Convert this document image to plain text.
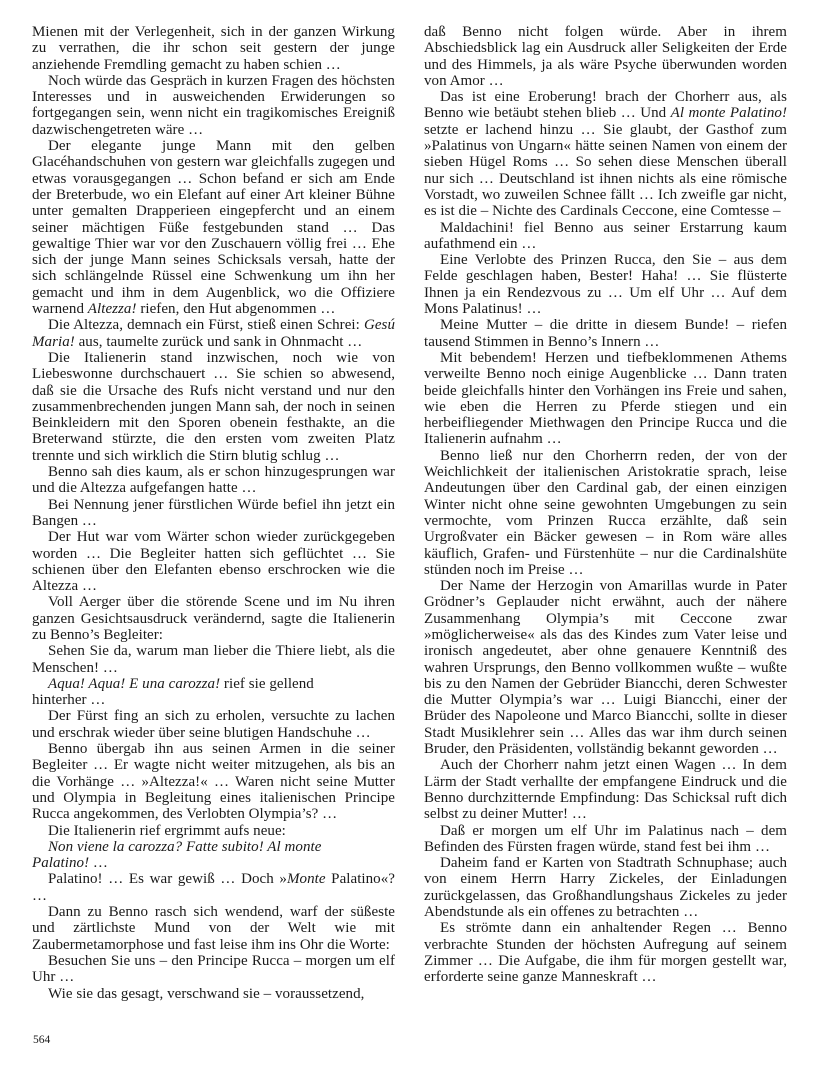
Mienen mit der Verlegenheit, sich in der ganzen Wirkung zu verrathen, die ihr schon seit gestern der junge anziehende Fremdling gemacht zu haben schien …

Noch würde das Gespräch in kurzen Fragen des höchsten Interesses und in ausweichenden Erwiderungen so fortgegangen sein, wenn nicht ein tragikomisches Ereigniß dazwischengetreten wäre …

Der elegante junge Mann mit den gelben Glacéhandschuhen von gestern war gleichfalls zugegen und etwas vorausgegangen … Schon befand er sich am Ende der Breterbude, wo ein Elefant auf einer Art kleiner Bühne unter gemalten Drapperieen eingepfercht und an einem seiner mächtigen Füße festgebunden stand … Das gewaltige Thier war vor den Zuschauern völlig frei … Ehe sich der junge Mann seines Schicksals versah, hatte der sich schlängelnde Rüssel eine Schwenkung um ihn her gemacht und ihm in dem Augenblick, wo die Offiziere warnend Altezza! riefen, den Hut abgenommen …

Die Altezza, demnach ein Fürst, stieß einen Schrei: Gesú Maria! aus, taumelte zurück und sank in Ohnmacht …

Die Italienerin stand inzwischen, noch wie von Liebeswonne durchschauert … Sie schien so abwesend, daß sie die Ursache des Rufs nicht verstand und nur den zusammenbrechenden jungen Mann sah, der noch in seinen Beinkleidern mit den Sporen obenein festhakte, an die Breterwand stürzte, die den ersten vom zweiten Platz trennte und sich wirklich die Stirn blutig schlug …

Benno sah dies kaum, als er schon hinzugesprungen war und die Altezza aufgefangen hatte …

Bei Nennung jener fürstlichen Würde befiel ihn jetzt ein Bangen …

Der Hut war vom Wärter schon wieder zurückgegeben worden … Die Begleiter hatten sich geflüchtet … Sie schienen über den Elefanten ebenso erschrocken wie die Altezza …

Voll Aerger über die störende Scene und im Nu ihren ganzen Gesichtsausdruck verändernd, sagte die Italienerin zu Benno’s Begleiter:

Sehen Sie da, warum man lieber die Thiere liebt, als die Menschen! …

Aqua! Aqua! E una carozza! rief sie gellend
hinterher …

Der Fürst fing an sich zu erholen, versuchte zu lachen und erschrak wieder über seine blutigen Handschuhe …

Benno übergab ihn aus seinen Armen in die seiner Begleiter … Er wagte nicht weiter mitzugehen, als bis an die Vorhänge … »Altezza!« … Waren nicht seine Mutter und Olympia in Begleitung eines italienischen Principe Rucca angekommen, des Verlobten Olympia’s? …

Die Italienerin rief ergrimmt aufs neue:

Non viene la carozza? Fatte subito! Al monte
Palatino! …

Palatino! … Es war gewiß … Doch »Monte Palatino«? …

Dann zu Benno rasch sich wendend, warf der süßeste und zärtlichste Mund von der Welt wie mit Zaubermetamorphose und fast leise ihm ins Ohr die Worte:

Besuchen Sie uns – den Principe Rucca – morgen um elf Uhr …

Wie sie das gesagt, verschwand sie – voraussetzend,

daß Benno nicht folgen würde. Aber in ihrem Abschiedsblick lag ein Ausdruck aller Seligkeiten der Erde und des Himmels, ja als wäre Psyche überwunden worden von Amor …

Das ist eine Eroberung! brach der Chorherr aus, als Benno wie betäubt stehen blieb … Und Al monte Palatino! setzte er lachend hinzu … Sie glaubt, der Gasthof zum »Palatinus von Ungarn« hätte seinen Namen von einem der sieben Hügel Roms … So sehen diese Menschen überall nur sich … Deutschland ist ihnen nichts als eine römische Vorstadt, wo zuweilen Schnee fällt … Ich zweifle gar nicht, es ist die – Nichte des Cardinals Ceccone, eine Comtesse –

Maldachini! fiel Benno aus seiner Erstarrung kaum aufathmend ein …

Eine Verlobte des Prinzen Rucca, den Sie – aus dem Felde geschlagen haben, Bester! Haha! … Sie flüsterte Ihnen ja ein Rendezvous zu … Um elf Uhr … Auf dem Mons Palatinus! …

Meine Mutter – die dritte in diesem Bunde! – riefen tausend Stimmen in Benno’s Innern …

Mit bebendem! Herzen und tiefbeklommenen Athems verweilte Benno noch einige Augenblicke … Dann traten beide gleichfalls hinter den Vorhängen ins Freie und sahen, wie eben die Herren zu Pferde stiegen und ein herbeifliegender Miethwagen den Principe Rucca und die Italienerin aufnahm …

Benno ließ nur den Chorherrn reden, der von der Weichlichkeit der italienischen Aristokratie sprach, leise Andeutungen über den Cardinal gab, der einen einzigen Winter nicht ohne seine gewohnten Umgebungen zu sein vermochte, vom Prinzen Rucca erzählte, daß sein Urgroßvater ein Bäcker gewesen – in Rom wäre alles käuflich, Grafen- und Fürstenhüte – nur die Cardinalshüte stünden noch im Preise …

Der Name der Herzogin von Amarillas wurde in Pater Grödner’s Geplauder nicht erwähnt, auch der nähere Zusammenhang Olympia’s mit Ceccone zwar »möglicherweise« als das des Kindes zum Vater leise und ironisch angedeutet, aber ohne genauere Kenntniß des wahren Ursprungs, den Benno vollkommen wußte – wußte bis zu den Namen der Gebrüder Biancchi, deren Schwester die Mutter Olympia’s war … Luigi Biancchi, einer der Brüder des Napoleone und Marco Biancchi, sollte in dieser Stadt Musiklehrer sein … Alles das war ihm durch seinen Bruder, den Präsidenten, vollständig bekannt geworden …

Auch der Chorherr nahm jetzt einen Wagen … In dem Lärm der Stadt verhallte der empfangene Eindruck und die Benno durchzitternde Empfindung: Das Schicksal ruft dich selbst zu deiner Mutter! …

Daß er morgen um elf Uhr im Palatinus nach – dem Befinden des Fürsten fragen würde, stand fest bei ihm …

Daheim fand er Karten von Stadtrath Schnuphase; auch von einem Herrn Harry Zickeles, der Einladungen zurückgelassen, das Großhandlungshaus Zickeles zu jeder Abendstunde als ein offenes zu betrachten …

Es strömte dann ein anhaltender Regen … Benno verbrachte Stunden der höchsten Aufregung auf seinem Zimmer … Die Aufgabe, die ihm für morgen gestellt war, erforderte seine ganze Manneskraft …

564
